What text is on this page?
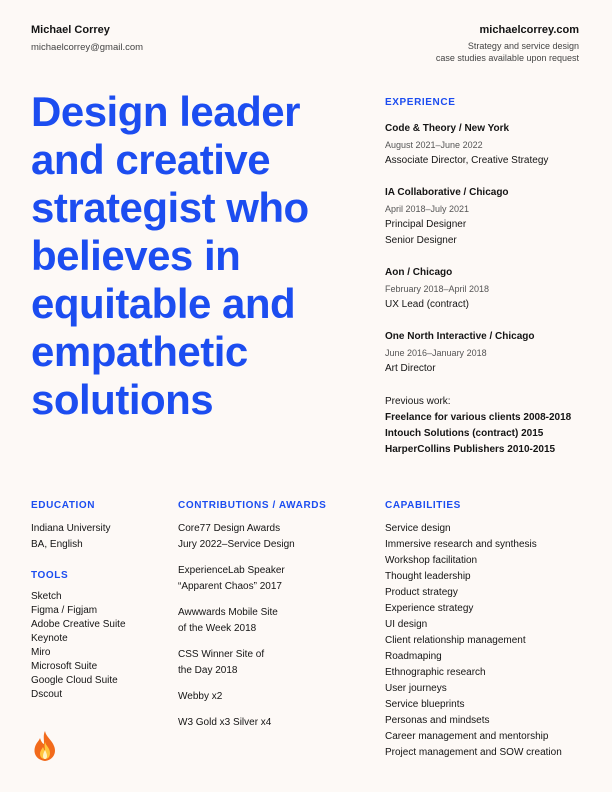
Michael Correy
michaelcorrey@gmail.com
michaelcorrey.com
Strategy and service design
case studies available upon request
Design leader
and creative
strategist who
believes in
equitable and
empathetic
solutions
EXPERIENCE
Code & Theory / New York
August 2021–June 2022
Associate Director, Creative Strategy
IA Collaborative / Chicago
April 2018–July 2021
Principal Designer
Senior Designer
Aon / Chicago
February 2018–April 2018
UX Lead (contract)
One North Interactive / Chicago
June 2016–January 2018
Art Director
Previous work:
Freelance for various clients 2008-2018
Intouch Solutions (contract) 2015
HarperCollins Publishers 2010-2015
EDUCATION
Indiana University
BA, English
TOOLS
Sketch
Figma / Figjam
Adobe Creative Suite
Keynote
Miro
Microsoft Suite
Google Cloud Suite
Dscout
CONTRIBUTIONS / AWARDS
Core77 Design Awards
Jury 2022–Service Design
ExperienceLab Speaker
“Apparent Chaos” 2017
Awwwards Mobile Site
of the Week 2018
CSS Winner Site of
the Day 2018
Webby x2
W3 Gold x3 Silver x4
CAPABILITIES
Service design
Immersive research and synthesis
Workshop facilitation
Thought leadership
Product strategy
Experience strategy
UI design
Client relationship management
Roadmaping
Ethnographic research
User journeys
Service blueprints
Personas and mindsets
Career management and mentorship
Project management and SOW creation
